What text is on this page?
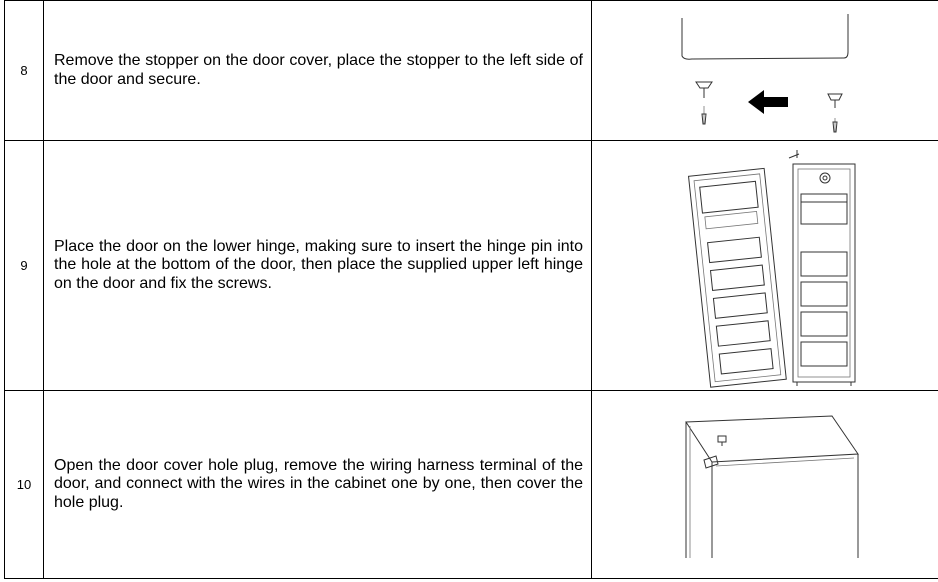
8	Remove the stopper on the door cover, place the stopper to the left side of the door and secure.	

9	Place the door on the lower hinge, making sure to insert the hinge pin into the hole at the bottom of the door, then place the supplied upper left hinge on the door and fix the screws.	

10	Open the door cover hole plug, remove the wiring harness terminal of the door, and connect with the wires in the cabinet one by one, then cover the hole plug.	
